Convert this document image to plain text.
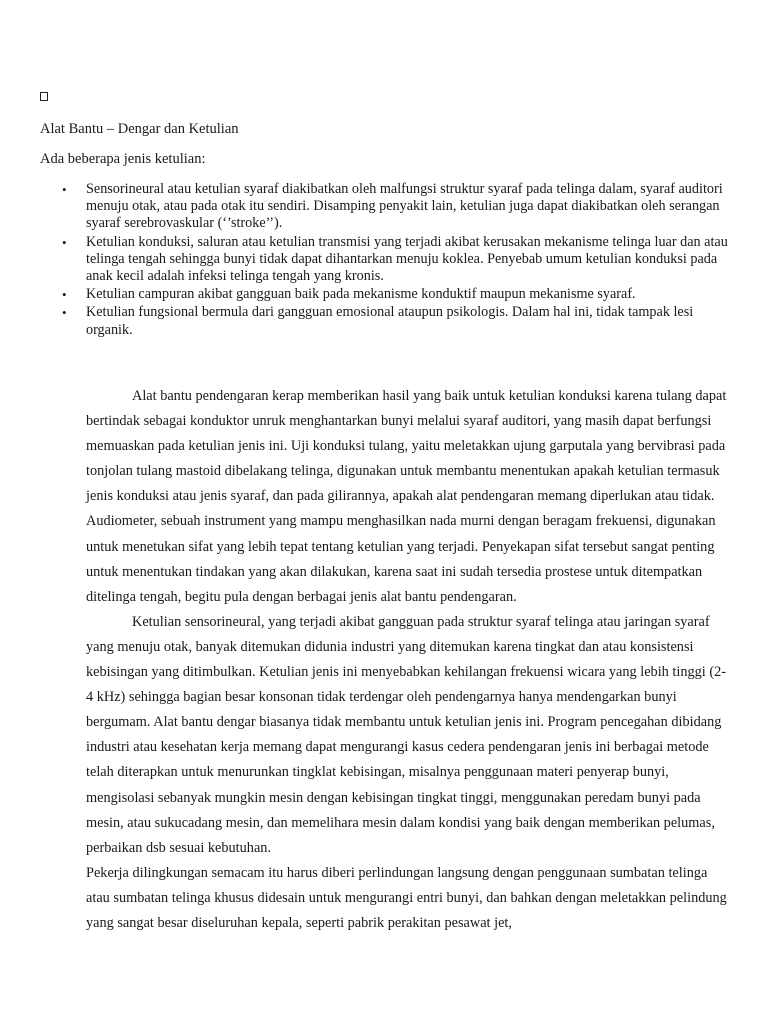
Alat Bantu – Dengar dan Ketulian
Ada beberapa jenis ketulian:
• Sensorineural atau ketulian syaraf diakibatkan oleh malfungsi struktur syaraf pada telinga dalam, syaraf auditori menuju otak, atau pada otak itu sendiri. Disamping penyakit lain, ketulian juga dapat diakibatkan oleh serangan syaraf serebrovaskular (‘’stroke’’).
• Ketulian konduksi, saluran atau ketulian transmisi yang terjadi akibat kerusakan mekanisme telinga luar dan atau telinga tengah sehingga bunyi tidak dapat dihantarkan menuju koklea. Penyebab umum ketulian konduksi pada anak kecil adalah infeksi telinga tengah yang kronis.
• Ketulian campuran akibat gangguan baik pada mekanisme konduktif maupun mekanisme syaraf.
• Ketulian fungsional bermula dari gangguan emosional ataupun psikologis. Dalam hal ini, tidak tampak lesi organik.

Alat bantu pendengaran kerap memberikan hasil yang baik untuk ketulian konduksi karena tulang dapat bertindak sebagai konduktor unruk menghantarkan bunyi melalui syaraf auditori, yang masih dapat berfungsi memuaskan pada ketulian jenis ini. Uji konduksi tulang, yaitu meletakkan ujung garputala yang bervibrasi pada tonjolan tulang mastoid dibelakang telinga, digunakan untuk membantu menentukan apakah ketulian termasuk jenis konduksi atau jenis syaraf, dan pada gilirannya, apakah alat pendengaran memang diperlukan atau tidak. Audiometer, sebuah instrument yang mampu menghasilkan nada murni dengan beragam frekuensi, digunakan untuk menetukan sifat yang lebih tepat tentang ketulian yang terjadi. Penyekapan sifat tersebut sangat penting untuk menentukan tindakan yang akan dilakukan, karena saat ini sudah tersedia prostese untuk ditempatkan ditelinga tengah, begitu pula dengan berbagai jenis alat bantu pendengaran.

Ketulian sensorineural, yang terjadi akibat gangguan pada struktur syaraf telinga atau jaringan syaraf yang menuju otak, banyak ditemukan didunia industri yang ditemukan karena tingkat dan atau konsistensi kebisingan yang ditimbulkan. Ketulian jenis ini menyebabkan kehilangan frekuensi wicara yang lebih tinggi (2-4 kHz) sehingga bagian besar konsonan tidak terdengar oleh pendengarnya hanya mendengarkan bunyi bergumam. Alat bantu dengar biasanya tidak membantu untuk ketulian jenis ini. Program pencegahan dibidang industri atau kesehatan kerja memang dapat mengurangi kasus cedera pendengaran jenis ini berbagai metode telah diterapkan untuk menurunkan tingklat kebisingan, misalnya penggunaan materi penyerap bunyi, mengisolasi sebanyak mungkin mesin dengan kebisingan tingkat tinggi, menggunakan peredam bunyi pada mesin, atau sukucadang mesin, dan memelihara mesin dalam kondisi yang baik dengan memberikan pelumas, perbaikan dsb sesuai kebutuhan.

Pekerja dilingkungan semacam itu harus diberi perlindungan langsung dengan penggunaan sumbatan telinga atau sumbatan telinga khusus didesain untuk mengurangi entri bunyi, dan bahkan dengan meletakkan pelindung yang sangat besar diseluruhan kepala, seperti pabrik perakitan pesawat jet,
